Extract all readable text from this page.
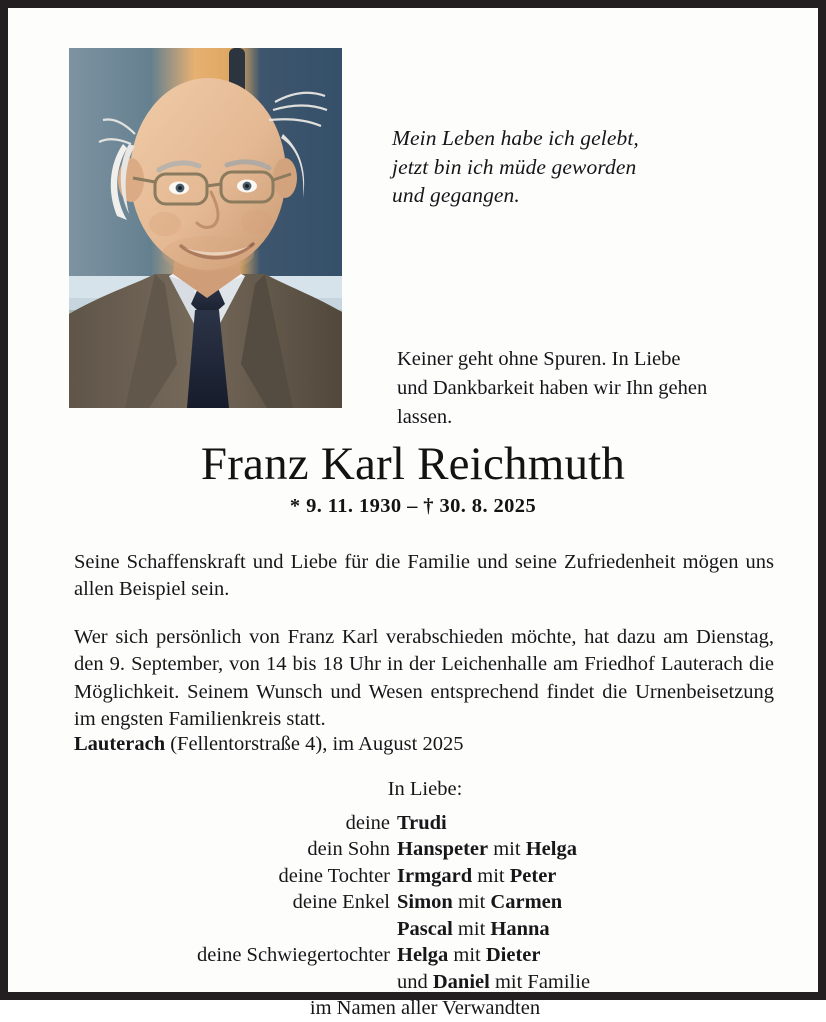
Mein Leben habe ich gelebt,
jetzt bin ich müde geworden
und gegangen.
Keiner geht ohne Spuren. In Liebe
und Dankbarkeit haben wir Ihn gehen
lassen.
Franz Karl Reichmuth
* 9. 11. 1930 – † 30. 8. 2025

Seine Schaffenskraft und Liebe für die Familie und seine Zufriedenheit mögen uns allen Beispiel sein.

Wer sich persönlich von Franz Karl verabschieden möchte, hat dazu am Dienstag, den 9. September, von 14 bis 18 Uhr in der Leichenhalle am Friedhof Lauterach die Möglichkeit. Seinem Wunsch und Wesen entsprechend findet die Urnenbeisetzung im engsten Familienkreis statt.

Lauterach (Fellentorstraße 4), im August 2025
In Liebe:
deine Trudi
dein Sohn Hanspeter mit Helga
deine Tochter Irmgard mit Peter
deine Enkel Simon mit Carmen
Pascal mit Hanna
deine Schwiegertochter Helga mit Dieter
und Daniel mit Familie
im Namen aller Verwandten
